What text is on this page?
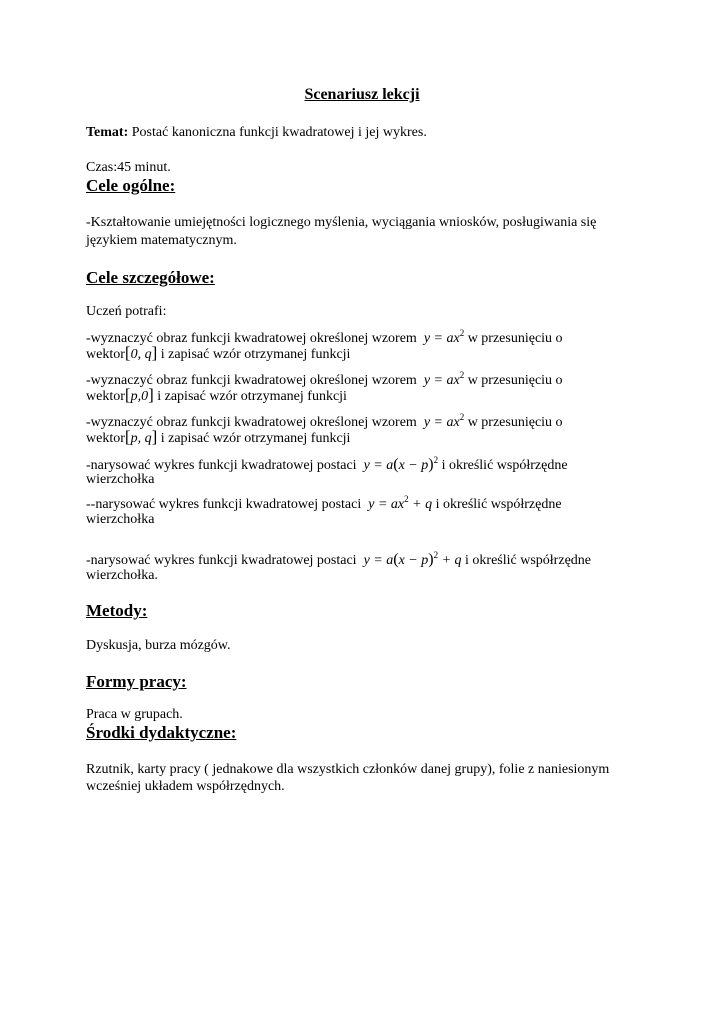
Scenariusz lekcji
Temat: Postać kanoniczna funkcji kwadratowej i jej wykres.
Czas:45 minut.
Cele ogólne:
-Kształtowanie umiejętności logicznego myślenia, wyciągania wniosków, posługiwania się
językiem matematycznym.
Cele szczegółowe:
Uczeń potrafi:
-wyznaczyć obraz funkcji kwadratowej określonej wzorem $y = ax^2$ w przesunięciu o
wektor[0, q] i zapisać wzór otrzymanej funkcji
-wyznaczyć obraz funkcji kwadratowej określonej wzorem $y = ax^2$ w przesunięciu o
wektor[p,0] i zapisać wzór otrzymanej funkcji
-wyznaczyć obraz funkcji kwadratowej określonej wzorem $y = ax^2$ w przesunięciu o
wektor[p, q] i zapisać wzór otrzymanej funkcji
-narysować wykres funkcji kwadratowej postaci $y = a(x - p)^2$ i określić współrzędne
wierzchołka
--narysować wykres funkcji kwadratowej postaci $y = ax^2 + q$ i określić współrzędne
wierzchołka
-narysować wykres funkcji kwadratowej postaci $y = a(x - p)^2 + q$ i określić współrzędne
wierzchołka.
Metody:
Dyskusja, burza mózgów.
Formy pracy:
Praca w grupach.
Środki dydaktyczne:
Rzutnik, karty pracy ( jednakowe dla wszystkich członków danej grupy), folie z naniesionym
wcześniej układem współrzędnych.
